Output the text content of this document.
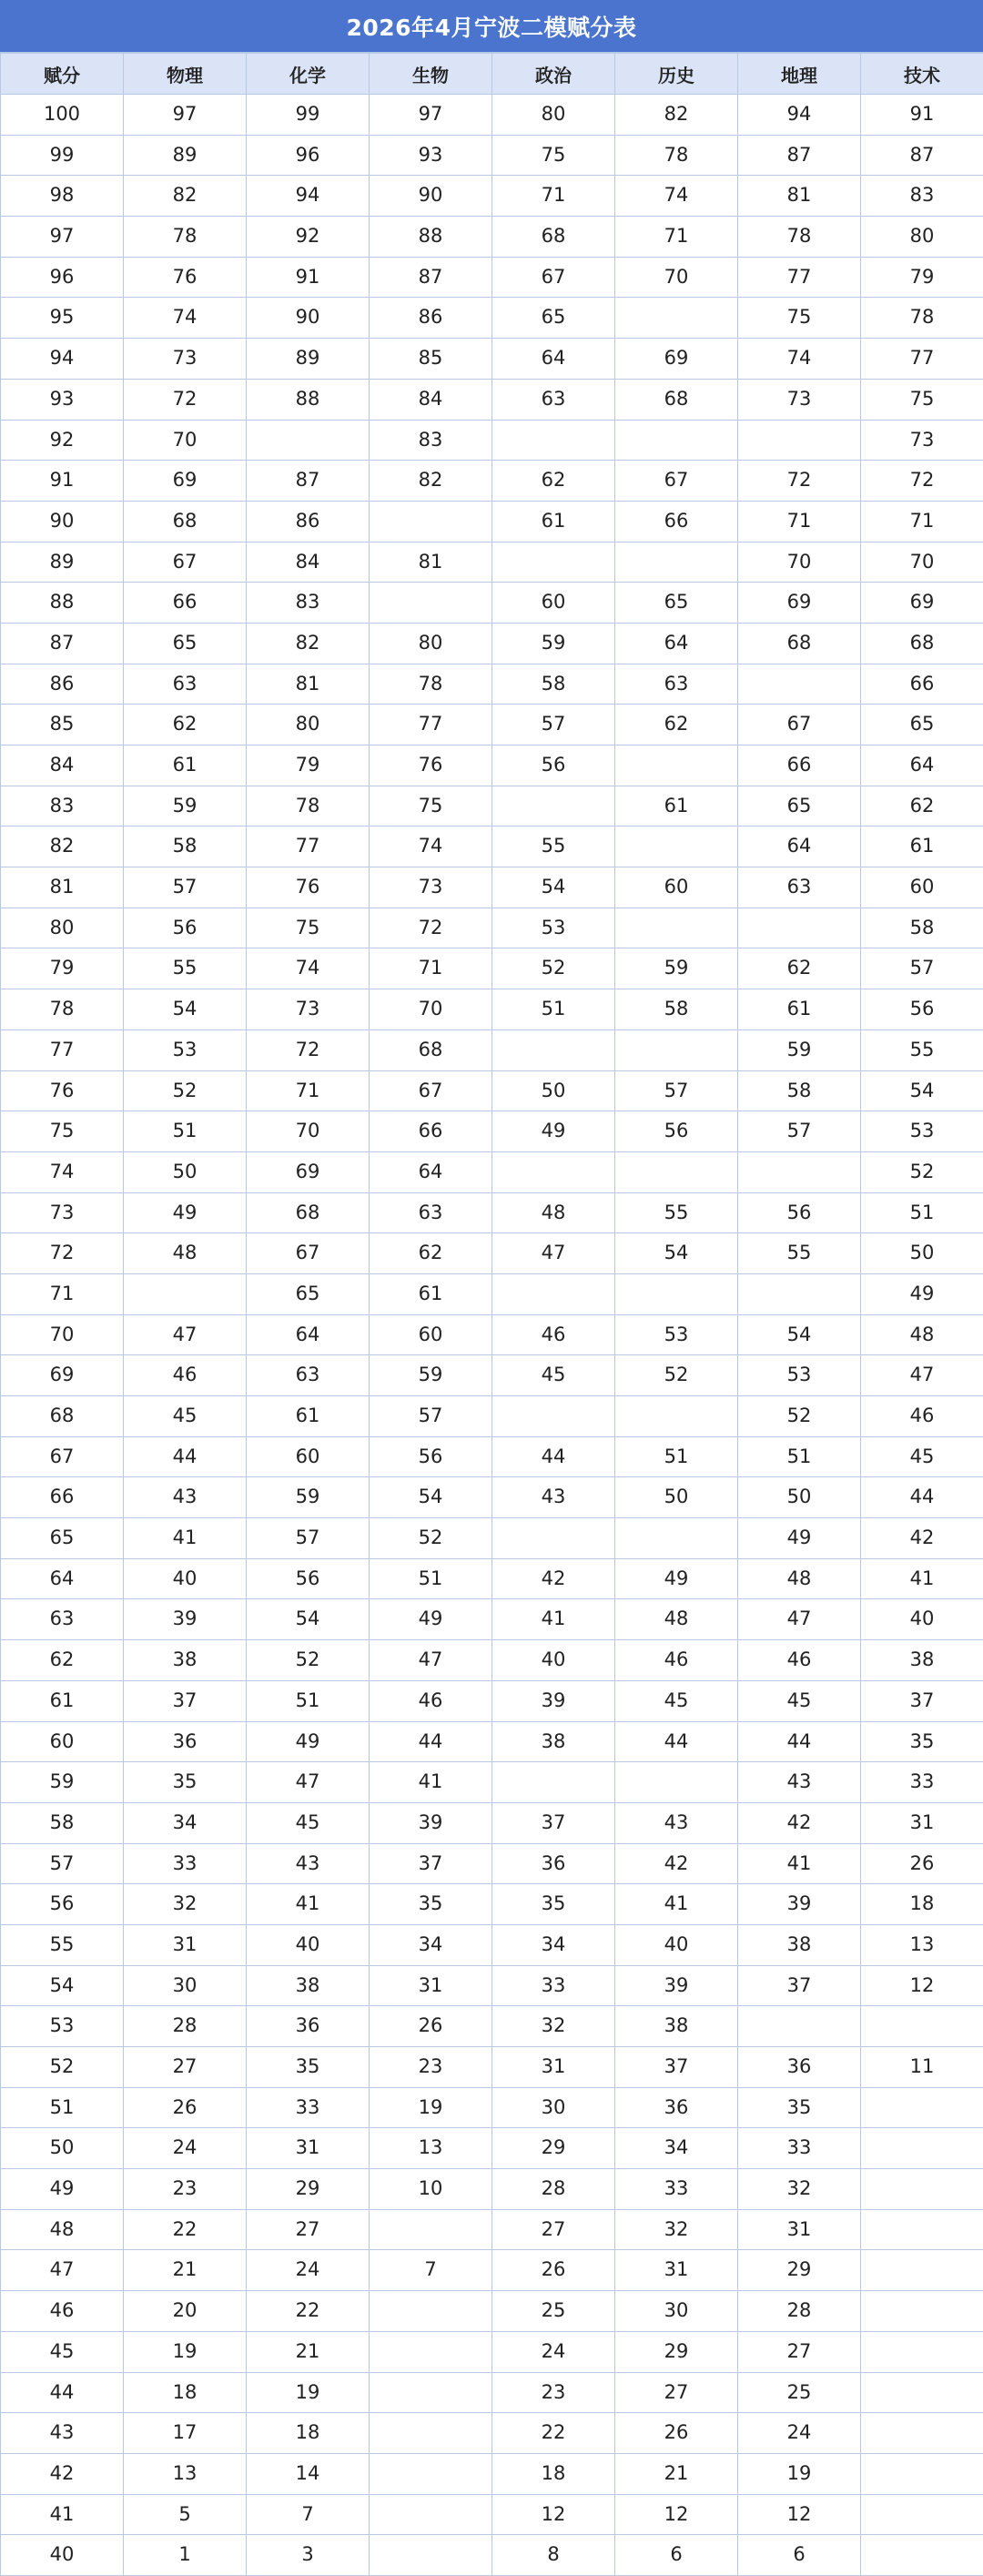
2026年4月宁波二模赋分表
赋分	物理	化学	生物	政治	历史	地理	技术
100	97	99	97	80	82	94	91
99	89	96	93	75	78	87	87
98	82	94	90	71	74	81	83
97	78	92	88	68	71	78	80
96	76	91	87	67	70	77	79
95	74	90	86	65		75	78
94	73	89	85	64	69	74	77
93	72	88	84	63	68	73	75
92	70		83				73
91	69	87	82	62	67	72	72
90	68	86		61	66	71	71
89	67	84	81			70	70
88	66	83		60	65	69	69
87	65	82	80	59	64	68	68
86	63	81	78	58	63		66
85	62	80	77	57	62	67	65
84	61	79	76	56		66	64
83	59	78	75		61	65	62
82	58	77	74	55		64	61
81	57	76	73	54	60	63	60
80	56	75	72	53			58
79	55	74	71	52	59	62	57
78	54	73	70	51	58	61	56
77	53	72	68			59	55
76	52	71	67	50	57	58	54
75	51	70	66	49	56	57	53
74	50	69	64				52
73	49	68	63	48	55	56	51
72	48	67	62	47	54	55	50
71		65	61				49
70	47	64	60	46	53	54	48
69	46	63	59	45	52	53	47
68	45	61	57			52	46
67	44	60	56	44	51	51	45
66	43	59	54	43	50	50	44
65	41	57	52			49	42
64	40	56	51	42	49	48	41
63	39	54	49	41	48	47	40
62	38	52	47	40	46	46	38
61	37	51	46	39	45	45	37
60	36	49	44	38	44	44	35
59	35	47	41			43	33
58	34	45	39	37	43	42	31
57	33	43	37	36	42	41	26
56	32	41	35	35	41	39	18
55	31	40	34	34	40	38	13
54	30	38	31	33	39	37	12
53	28	36	26	32	38		
52	27	35	23	31	37	36	11
51	26	33	19	30	36	35	
50	24	31	13	29	34	33	
49	23	29	10	28	33	32	
48	22	27		27	32	31	
47	21	24	7	26	31	29	
46	20	22		25	30	28	
45	19	21		24	29	27	
44	18	19		23	27	25	
43	17	18		22	26	24	
42	13	14		18	21	19	
41	5	7		12	12	12	
40	1	3		8	6	6	
